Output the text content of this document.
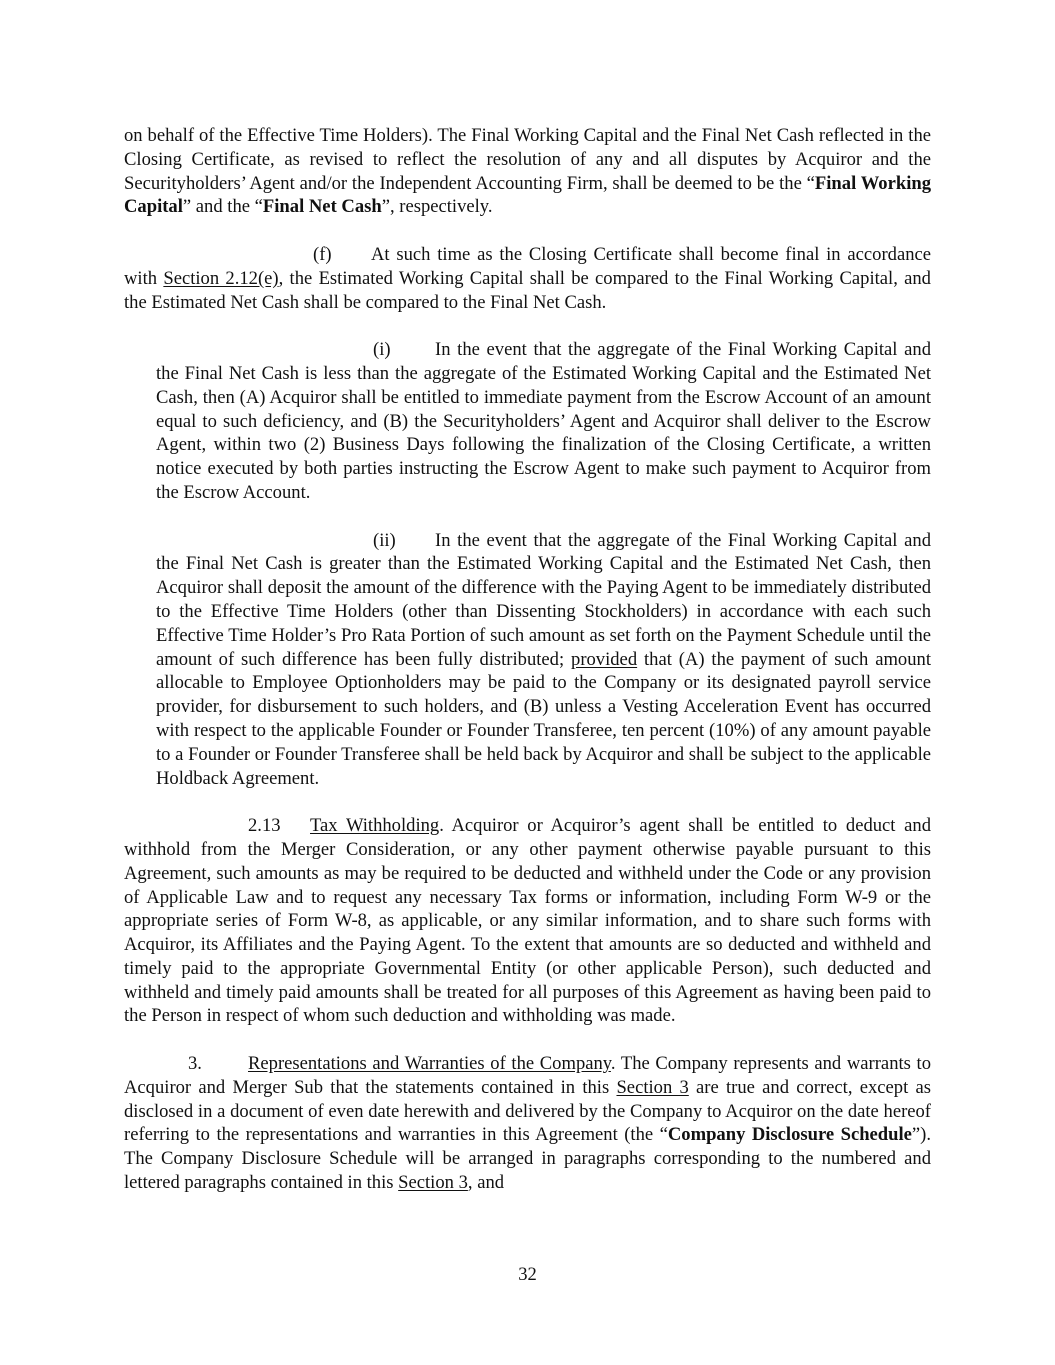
on behalf of the Effective Time Holders). The Final Working Capital and the Final Net Cash reflected in the Closing Certificate, as revised to reflect the resolution of any and all disputes by Acquiror and the Securityholders’ Agent and/or the Independent Accounting Firm, shall be deemed to be the “Final Working Capital” and the “Final Net Cash”, respectively.

(f) At such time as the Closing Certificate shall become final in accordance with Section 2.12(e), the Estimated Working Capital shall be compared to the Final Working Capital, and the Estimated Net Cash shall be compared to the Final Net Cash.

(i) In the event that the aggregate of the Final Working Capital and the Final Net Cash is less than the aggregate of the Estimated Working Capital and the Estimated Net Cash, then (A) Acquiror shall be entitled to immediate payment from the Escrow Account of an amount equal to such deficiency, and (B) the Securityholders’ Agent and Acquiror shall deliver to the Escrow Agent, within two (2) Business Days following the finalization of the Closing Certificate, a written notice executed by both parties instructing the Escrow Agent to make such payment to Acquiror from the Escrow Account.

(ii) In the event that the aggregate of the Final Working Capital and the Final Net Cash is greater than the Estimated Working Capital and the Estimated Net Cash, then Acquiror shall deposit the amount of the difference with the Paying Agent to be immediately distributed to the Effective Time Holders (other than Dissenting Stockholders) in accordance with each such Effective Time Holder’s Pro Rata Portion of such amount as set forth on the Payment Schedule until the amount of such difference has been fully distributed; provided that (A) the payment of such amount allocable to Employee Optionholders may be paid to the Company or its designated payroll service provider, for disbursement to such holders, and (B) unless a Vesting Acceleration Event has occurred with respect to the applicable Founder or Founder Transferee, ten percent (10%) of any amount payable to a Founder or Founder Transferee shall be held back by Acquiror and shall be subject to the applicable Holdback Agreement.

2.13 Tax Withholding. Acquiror or Acquiror’s agent shall be entitled to deduct and withhold from the Merger Consideration, or any other payment otherwise payable pursuant to this Agreement, such amounts as may be required to be deducted and withheld under the Code or any provision of Applicable Law and to request any necessary Tax forms or information, including Form W-9 or the appropriate series of Form W-8, as applicable, or any similar information, and to share such forms with Acquiror, its Affiliates and the Paying Agent. To the extent that amounts are so deducted and withheld and timely paid to the appropriate Governmental Entity (or other applicable Person), such deducted and withheld and timely paid amounts shall be treated for all purposes of this Agreement as having been paid to the Person in respect of whom such deduction and withholding was made.

3. Representations and Warranties of the Company. The Company represents and warrants to Acquiror and Merger Sub that the statements contained in this Section 3 are true and correct, except as disclosed in a document of even date herewith and delivered by the Company to Acquiror on the date hereof referring to the representations and warranties in this Agreement (the “Company Disclosure Schedule”). The Company Disclosure Schedule will be arranged in paragraphs corresponding to the numbered and lettered paragraphs contained in this Section 3, and

32
